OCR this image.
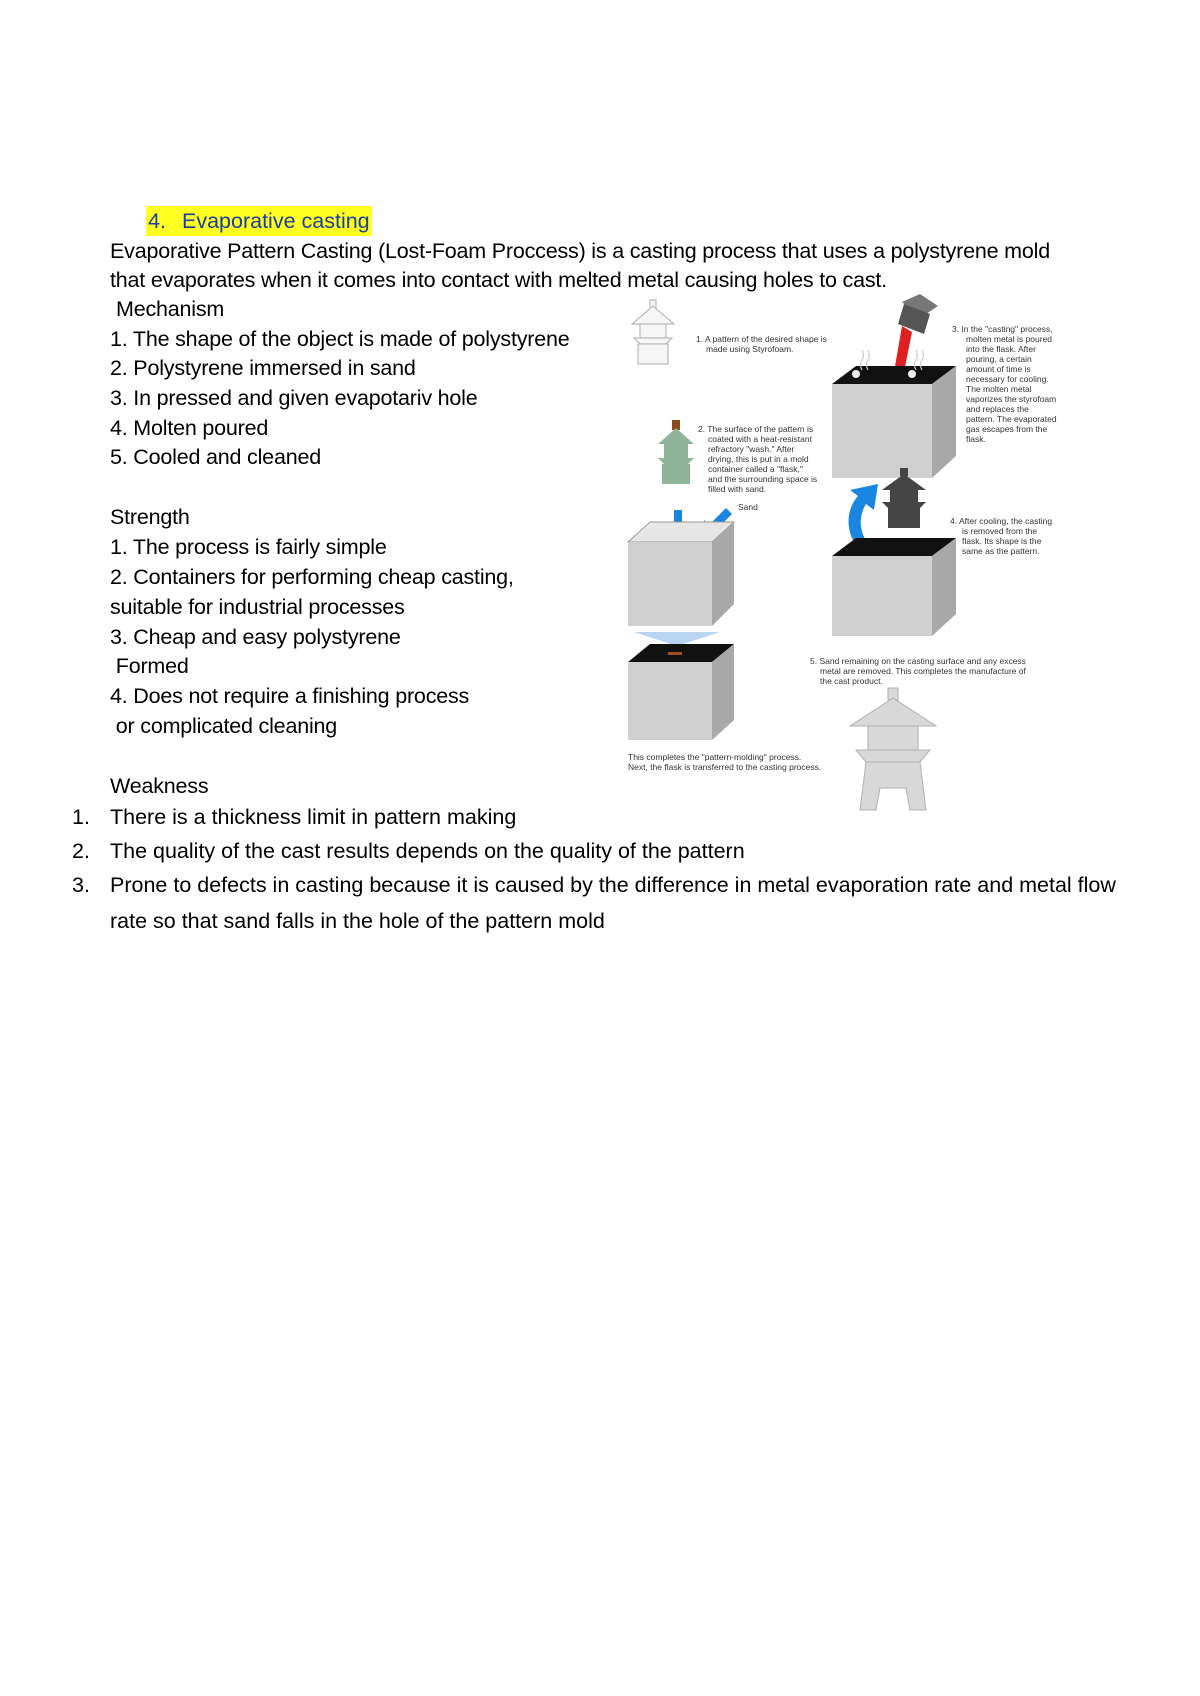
4. Evaporative casting
Evaporative Pattern Casting (Lost-Foam Proccess) is a casting process that uses a polystyrene mold
that evaporates when it comes into contact with melted metal causing holes to cast.
Mechanism
1. The shape of the object is made of polystyrene
2. Polystyrene immersed in sand
3. In pressed and given evapotariv hole
4. Molten poured
5. Cooled and cleaned
Strength
1. The process is fairly simple
2. Containers for performing cheap casting,
suitable for industrial processes
3. Cheap and easy polystyrene
Formed
4. Does not require a finishing process
or complicated cleaning
Weakness
1. There is a thickness limit in pattern making
2. The quality of the cast results depends on the quality of the pattern
3. Prone to defects in casting because it is caused by the difference in metal evaporation rate and metal flow rate so that sand falls in the hole of the pattern mold
1. A pattern of the desired shape is
made using Styrofoam.
2. The surface of the pattern is
coated with a heat-resistant
refractory "wash." After
drying, this is put in a mold
container called a "flask,"
and the surrounding space is
filled with sand.
Sand
This completes the "pattern-molding" process.
Next, the flask is transferred to the casting process.
3. In the "casting" process,
molten metal is poured
into the flask. After
pouring, a certain
amount of time is
necessary for cooling.
The molten metal
vaporizes the styrofoam
and replaces the
pattern. The evaporated
gas escapes from the
flask.
4. After cooling, the casting
is removed from the
flask. Its shape is the
same as the pattern.
5. Sand remaining on the casting surface and any excess
metal are removed. This completes the manufacture of
the cast product.
